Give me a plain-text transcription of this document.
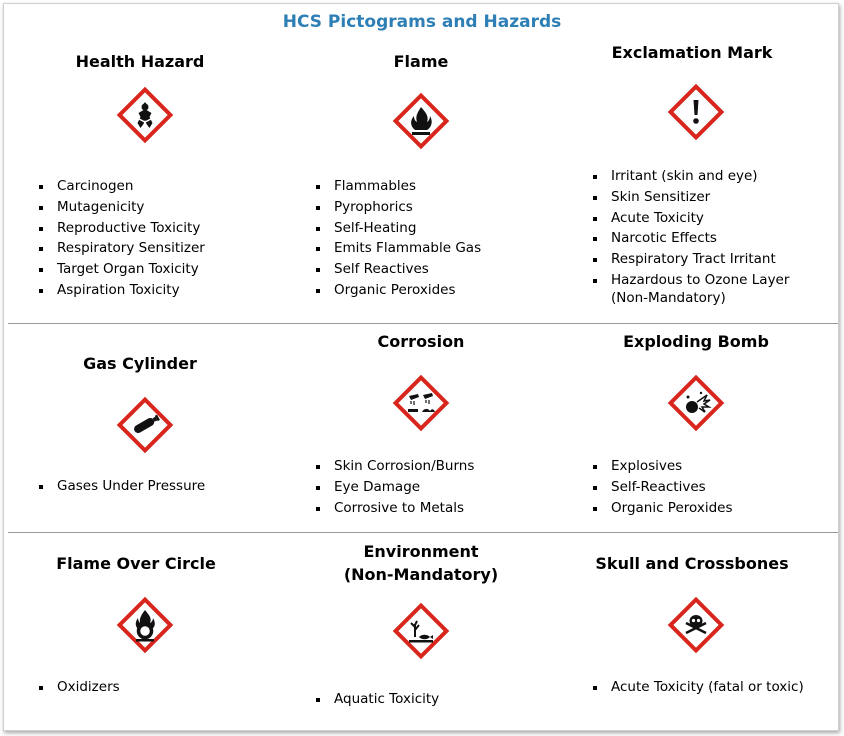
HCS Pictograms and Hazards
Health Hazard
Carcinogen
Mutagenicity
Reproductive Toxicity
Respiratory Sensitizer
Target Organ Toxicity
Aspiration Toxicity
Flame
Flammables
Pyrophorics
Self-Heating
Emits Flammable Gas
Self Reactives
Organic Peroxides
Exclamation Mark
Irritant (skin and eye)
Skin Sensitizer
Acute Toxicity
Narcotic Effects
Respiratory Tract Irritant
Hazardous to Ozone Layer
(Non-Mandatory)
Gas Cylinder
Gases Under Pressure
Corrosion
Skin Corrosion/Burns
Eye Damage
Corrosive to Metals
Exploding Bomb
Explosives
Self-Reactives
Organic Peroxides
Flame Over Circle
Oxidizers
Environment
(Non-Mandatory)
Aquatic Toxicity
Skull and Crossbones
Acute Toxicity (fatal or toxic)
